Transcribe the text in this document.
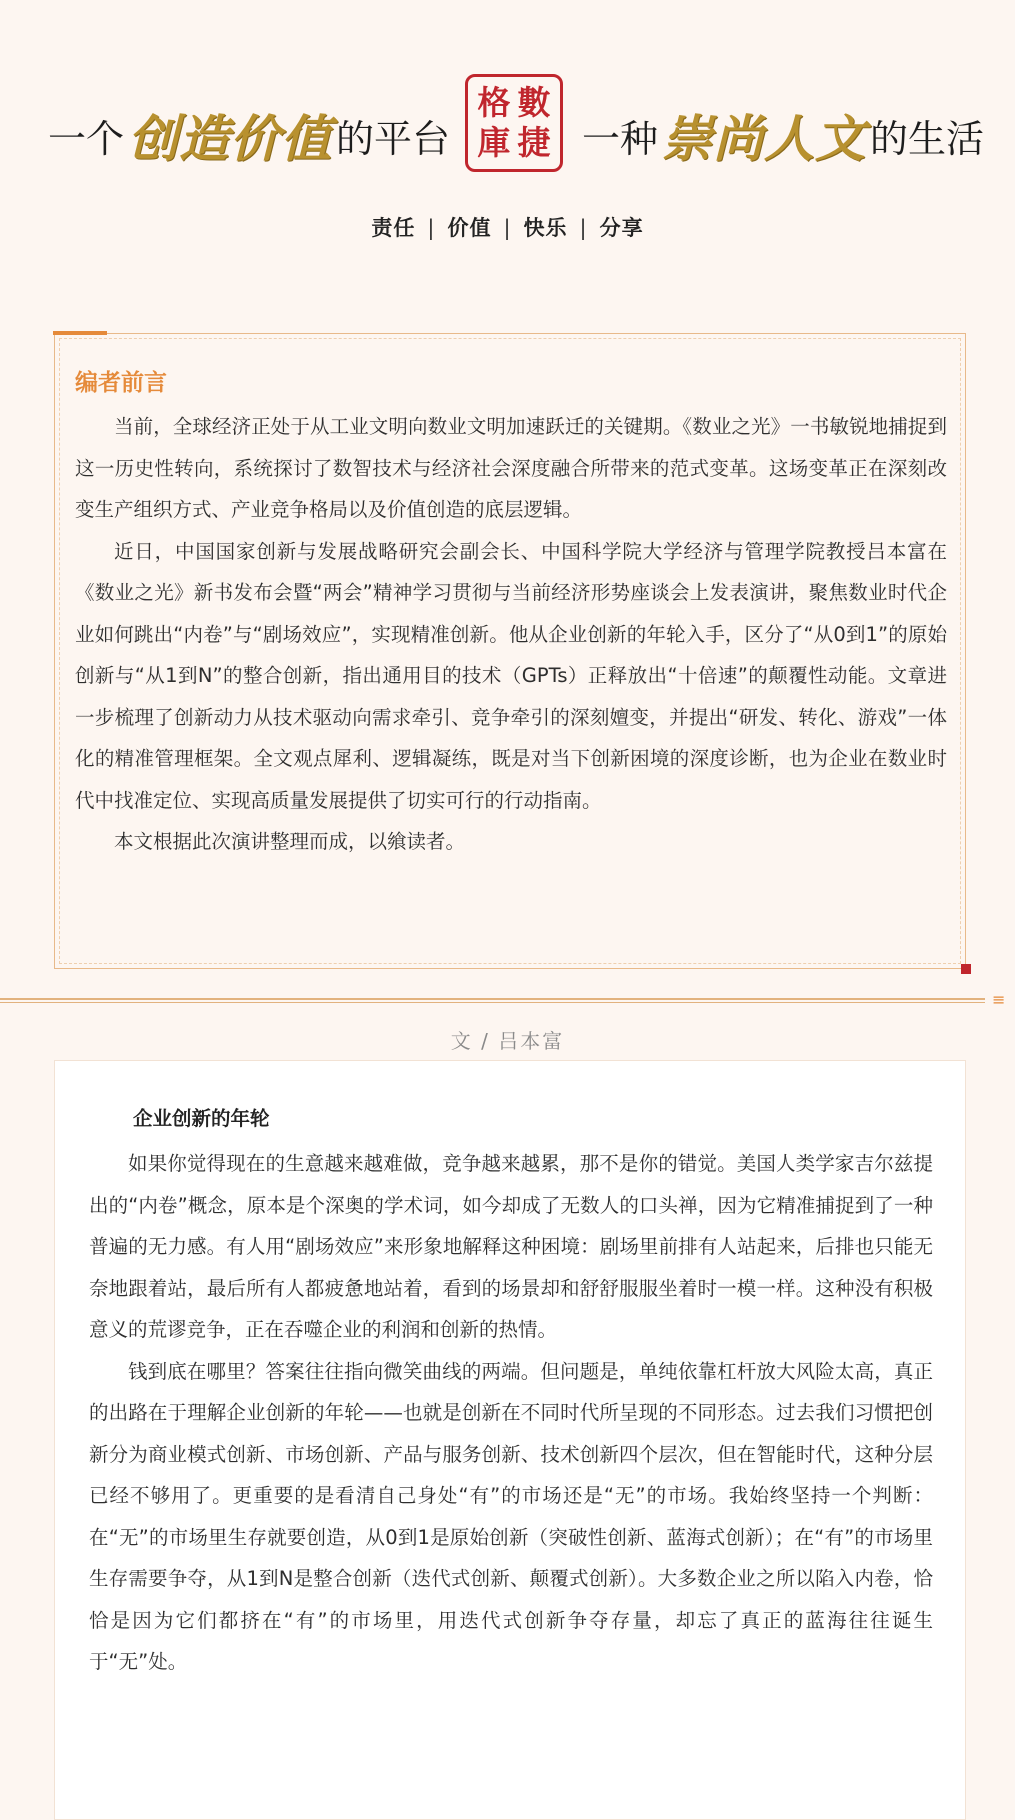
一个 创造价值 的平台
格 數
庫 捷 一种 崇尚人文 的生活
责任 | 价值 | 快乐 | 分享
编者前言

当前，全球经济正处于从工业文明向数业文明加速跃迁的关键期。《数业之光》一书敏锐地捕捉到这一历史性转向，系统探讨了数智技术与经济社会深度融合所带来的范式变革。这场变革正在深刻改变生产组织方式、产业竞争格局以及价值创造的底层逻辑。

近日，中国国家创新与发展战略研究会副会长、中国科学院大学经济与管理学院教授吕本富在《数业之光》新书发布会暨“两会”精神学习贯彻与当前经济形势座谈会上发表演讲，聚焦数业时代企业如何跳出“内卷”与“剧场效应”，实现精准创新。他从企业创新的年轮入手，区分了“从0到1”的原始创新与“从1到N”的整合创新，指出通用目的技术（GPTs）正释放出“十倍速”的颠覆性动能。文章进一步梳理了创新动力从技术驱动向需求牵引、竞争牵引的深刻嬗变，并提出“研发、转化、游戏”一体化的精准管理框架。全文观点犀利、逻辑凝练，既是对当下创新困境的深度诊断，也为企业在数业时代中找准定位、实现高质量发展提供了切实可行的行动指南。

本文根据此次演讲整理而成，以飨读者。

≡
文 / 吕本富
企业创新的年轮

如果你觉得现在的生意越来越难做，竞争越来越累，那不是你的错觉。美国人类学家吉尔兹提出的“内卷”概念，原本是个深奥的学术词，如今却成了无数人的口头禅，因为它精准捕捉到了一种普遍的无力感。有人用“剧场效应”来形象地解释这种困境：剧场里前排有人站起来，后排也只能无奈地跟着站，最后所有人都疲惫地站着，看到的场景却和舒舒服服坐着时一模一样。这种没有积极意义的荒谬竞争，正在吞噬企业的利润和创新的热情。

钱到底在哪里？答案往往指向微笑曲线的两端。但问题是，单纯依靠杠杆放大风险太高，真正的出路在于理解企业创新的年轮——也就是创新在不同时代所呈现的不同形态。过去我们习惯把创新分为商业模式创新、市场创新、产品与服务创新、技术创新四个层次，但在智能时代，这种分层已经不够用了。更重要的是看清自己身处“有”的市场还是“无”的市场。我始终坚持一个判断：在“无”的市场里生存就要创造，从0到1是原始创新（突破性创新、蓝海式创新）；在“有”的市场里生存需要争夺，从1到N是整合创新（迭代式创新、颠覆式创新）。大多数企业之所以陷入内卷，恰恰是因为它们都挤在“有”的市场里，用迭代式创新争夺存量，却忘了真正的蓝海往往诞生于“无”处。
